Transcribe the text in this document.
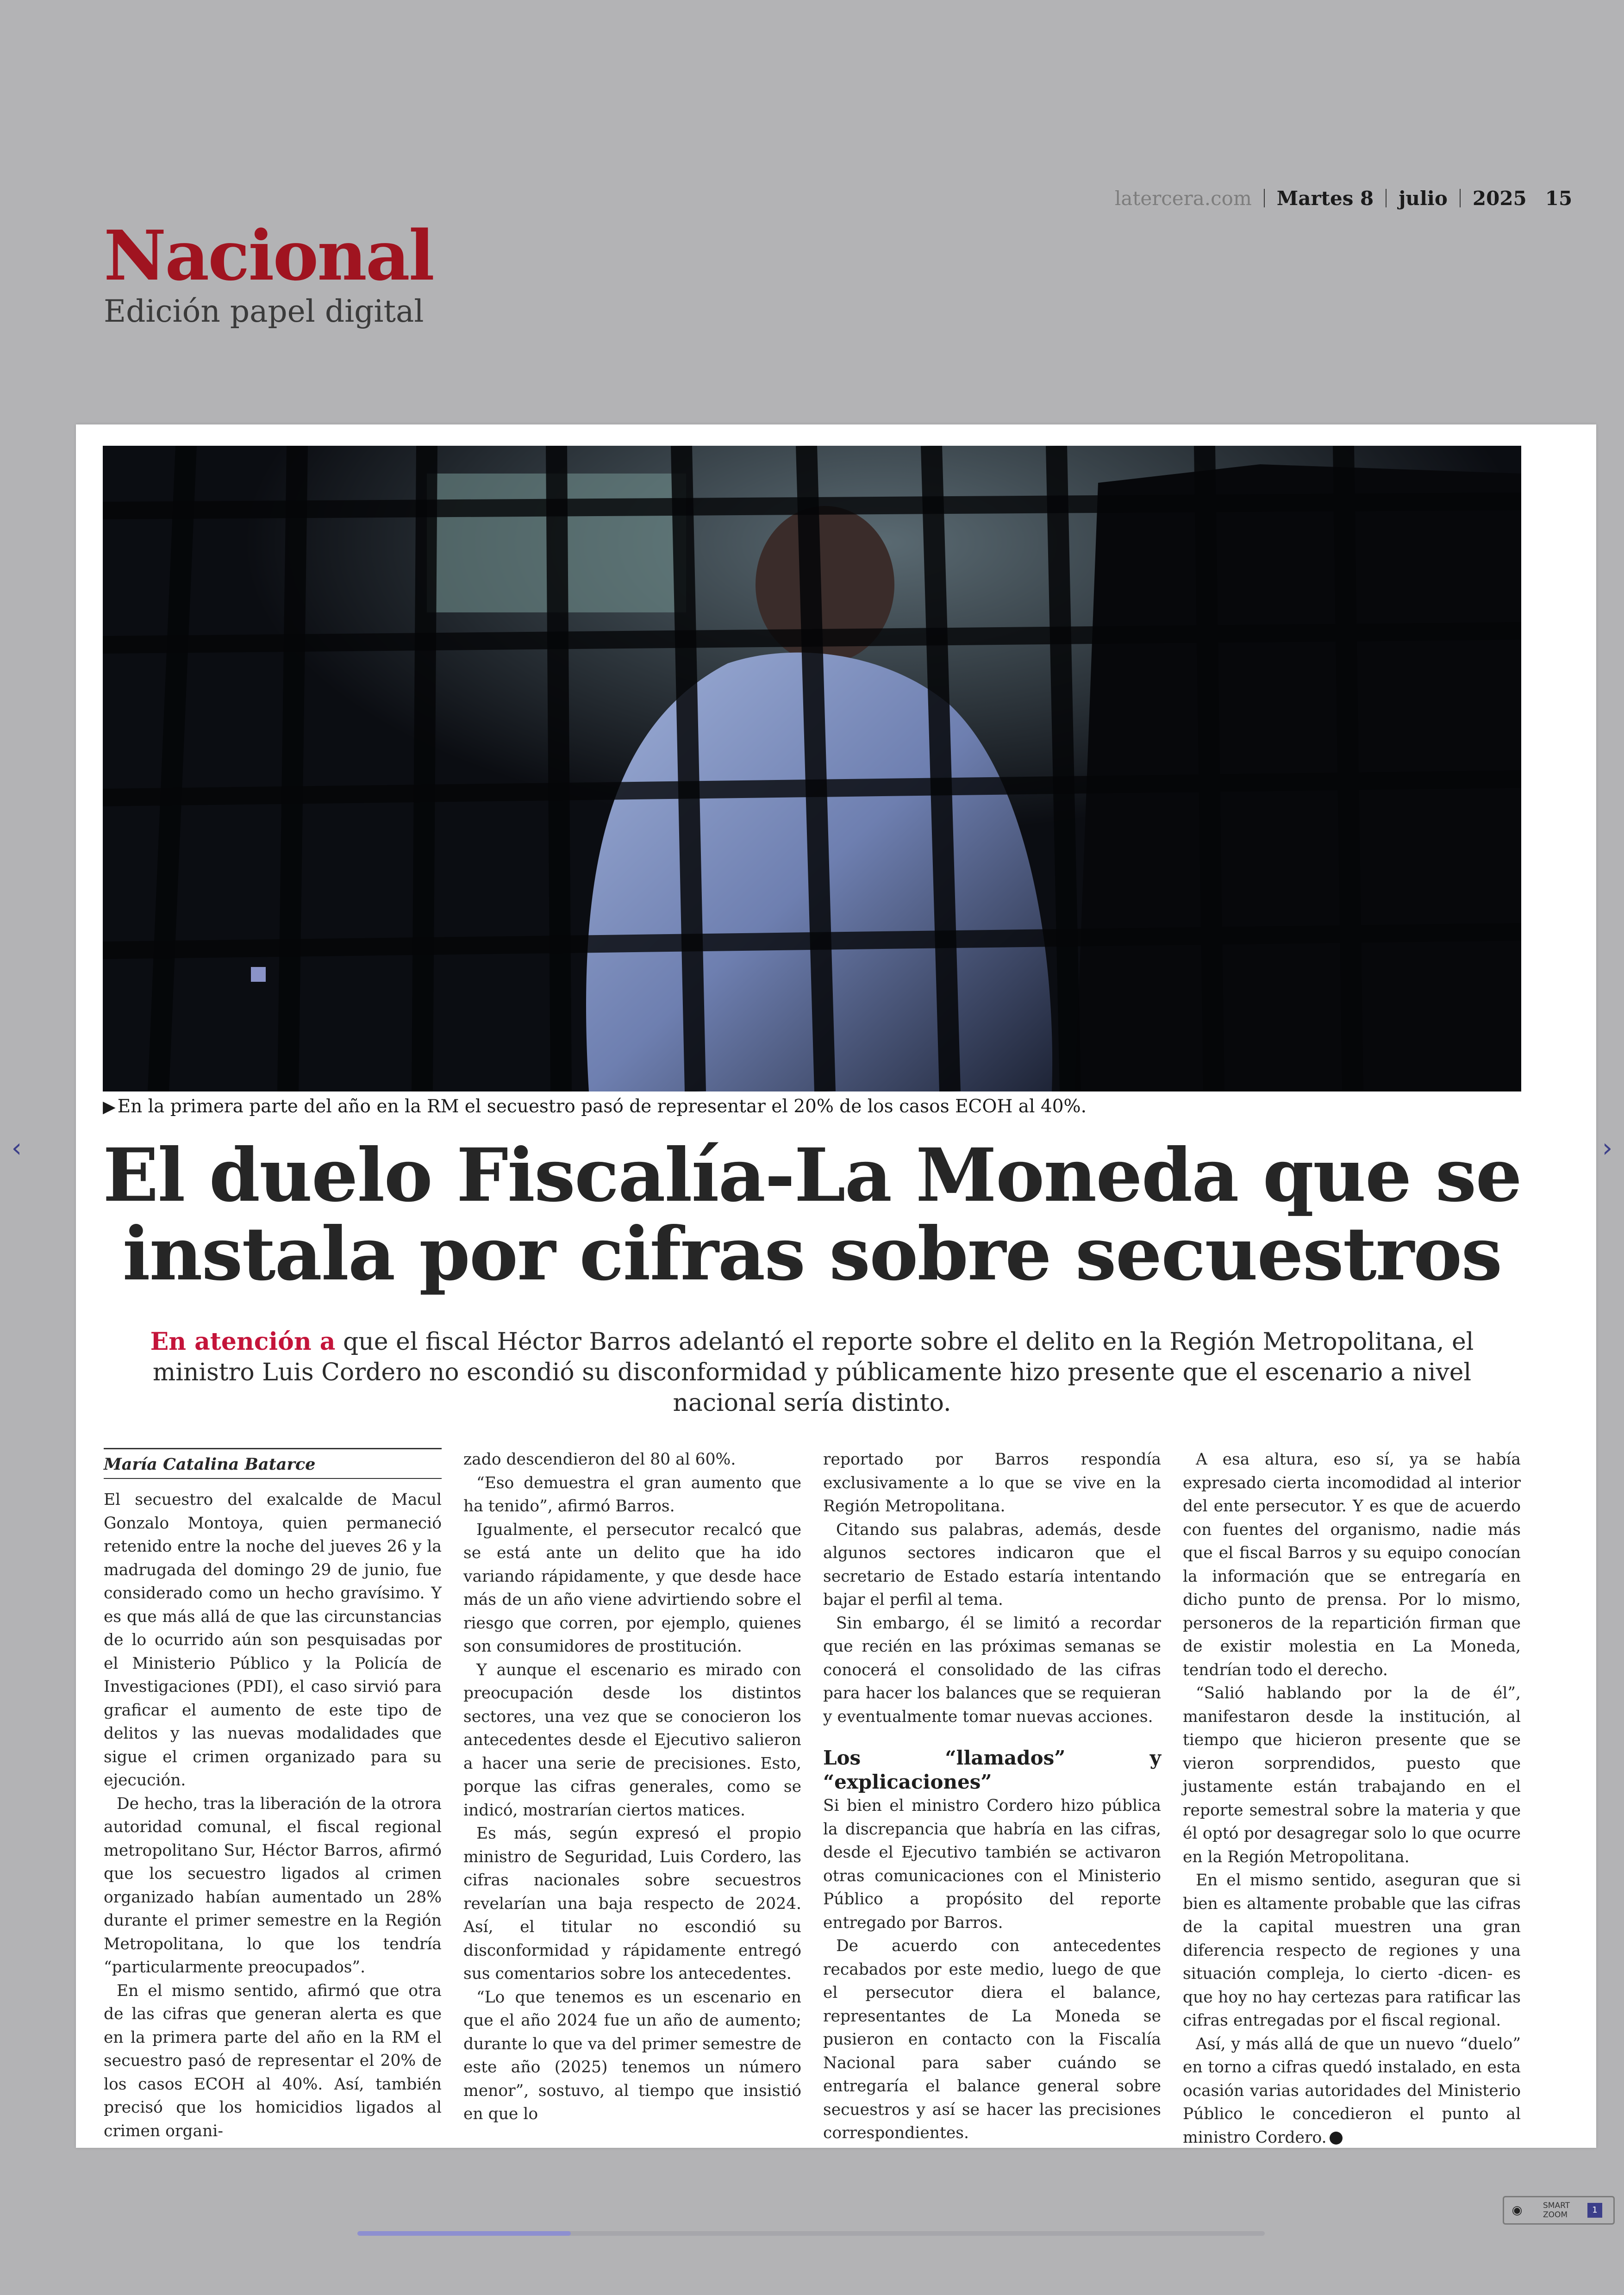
latercera.com Martes 8 julio 2025 15
Nacional
Edición papel digital
▶ En la primera parte del año en la RM el secuestro pasó de representar el 20% de los casos ECOH al 40%.
El duelo Fiscalía-La Moneda que se
instala por cifras sobre secuestros
En atención a que el fiscal Héctor Barros adelantó el reporte sobre el delito en la Región Metropolitana, el ministro Luis Cordero no escondió su disconformidad y públicamente hizo presente que el escenario a nivel nacional sería distinto.
María Catalina Batarce

El secuestro del exalcalde de Macul Gonzalo Montoya, quien permaneció retenido entre la noche del jueves 26 y la madrugada del domingo 29 de junio, fue considerado como un hecho gravísimo. Y es que más allá de que las circunstancias de lo ocurrido aún son pesquisadas por el Ministerio Público y la Policía de Investigaciones (PDI), el caso sirvió para graficar el aumento de este tipo de delitos y las nuevas modalidades que sigue el crimen organizado para su ejecución.

De hecho, tras la liberación de la otrora autoridad comunal, el fiscal regional metropolitano Sur, Héctor Barros, afirmó que los secuestro ligados al crimen organizado habían aumentado un 28% durante el primer semestre en la Región Metropolitana, lo que los tendría “particularmente preocupados”.

En el mismo sentido, afirmó que otra de las cifras que generan alerta es que en la primera parte del año en la RM el secuestro pasó de representar el 20% de los casos ECOH al 40%. Así, también precisó que los homicidios ligados al crimen organi-

zado descendieron del 80 al 60%.

“Eso demuestra el gran aumento que ha tenido”, afirmó Barros.

Igualmente, el persecutor recalcó que se está ante un delito que ha ido variando rápidamente, y que desde hace más de un año viene advirtiendo sobre el riesgo que corren, por ejemplo, quienes son consumidores de prostitución.

Y aunque el escenario es mirado con preocupación desde los distintos sectores, una vez que se conocieron los antecedentes desde el Ejecutivo salieron a hacer una serie de precisiones. Esto, porque las cifras generales, como se indicó, mostrarían ciertos matices.

Es más, según expresó el propio ministro de Seguridad, Luis Cordero, las cifras nacionales sobre secuestros revelarían una baja respecto de 2024. Así, el titular no escondió su disconformidad y rápidamente entregó sus comentarios sobre los antecedentes.

“Lo que tenemos es un escenario en que el año 2024 fue un año de aumento; durante lo que va del primer semestre de este año (2025) tenemos un número menor”, sostuvo, al tiempo que insistió en que lo

reportado por Barros respondía exclusivamente a lo que se vive en la Región Metropolitana.

Citando sus palabras, además, desde algunos sectores indicaron que el secretario de Estado estaría intentando bajar el perfil al tema.

Sin embargo, él se limitó a recordar que recién en las próximas semanas se conocerá el consolidado de las cifras para hacer los balances que se requieran y eventualmente tomar nuevas acciones.

Los “llamados” y “explicaciones”

Si bien el ministro Cordero hizo pública la discrepancia que habría en las cifras, desde el Ejecutivo también se activaron otras comunicaciones con el Ministerio Público a propósito del reporte entregado por Barros.

De acuerdo con antecedentes recabados por este medio, luego de que el persecutor diera el balance, representantes de La Moneda se pusieron en contacto con la Fiscalía Nacional para saber cuándo se entregaría el balance general sobre secuestros y así se hacer las precisiones correspondientes.

A esa altura, eso sí, ya se había expresado cierta incomodidad al interior del ente persecutor. Y es que de acuerdo con fuentes del organismo, nadie más que el fiscal Barros y su equipo conocían la información que se entregaría en dicho punto de prensa. Por lo mismo, personeros de la repartición firman que de existir molestia en La Moneda, tendrían todo el derecho.

“Salió hablando por la de él”, manifestaron desde la institución, al tiempo que hicieron presente que se vieron sorprendidos, puesto que justamente están trabajando en el reporte semestral sobre la materia y que él optó por desagregar solo lo que ocurre en la Región Metropolitana.

En el mismo sentido, aseguran que si bien es altamente probable que las cifras de la capital muestren una gran diferencia respecto de regiones y una situación compleja, lo cierto -dicen- es que hoy no hay certezas para ratificar las cifras entregadas por el fiscal regional.

Así, y más allá de que un nuevo “duelo” en torno a cifras quedó instalado, en esta ocasión varias autoridades del Ministerio Público le concedieron el punto al ministro Cordero.

‹	›
◉	SMART
ZOOM	1
